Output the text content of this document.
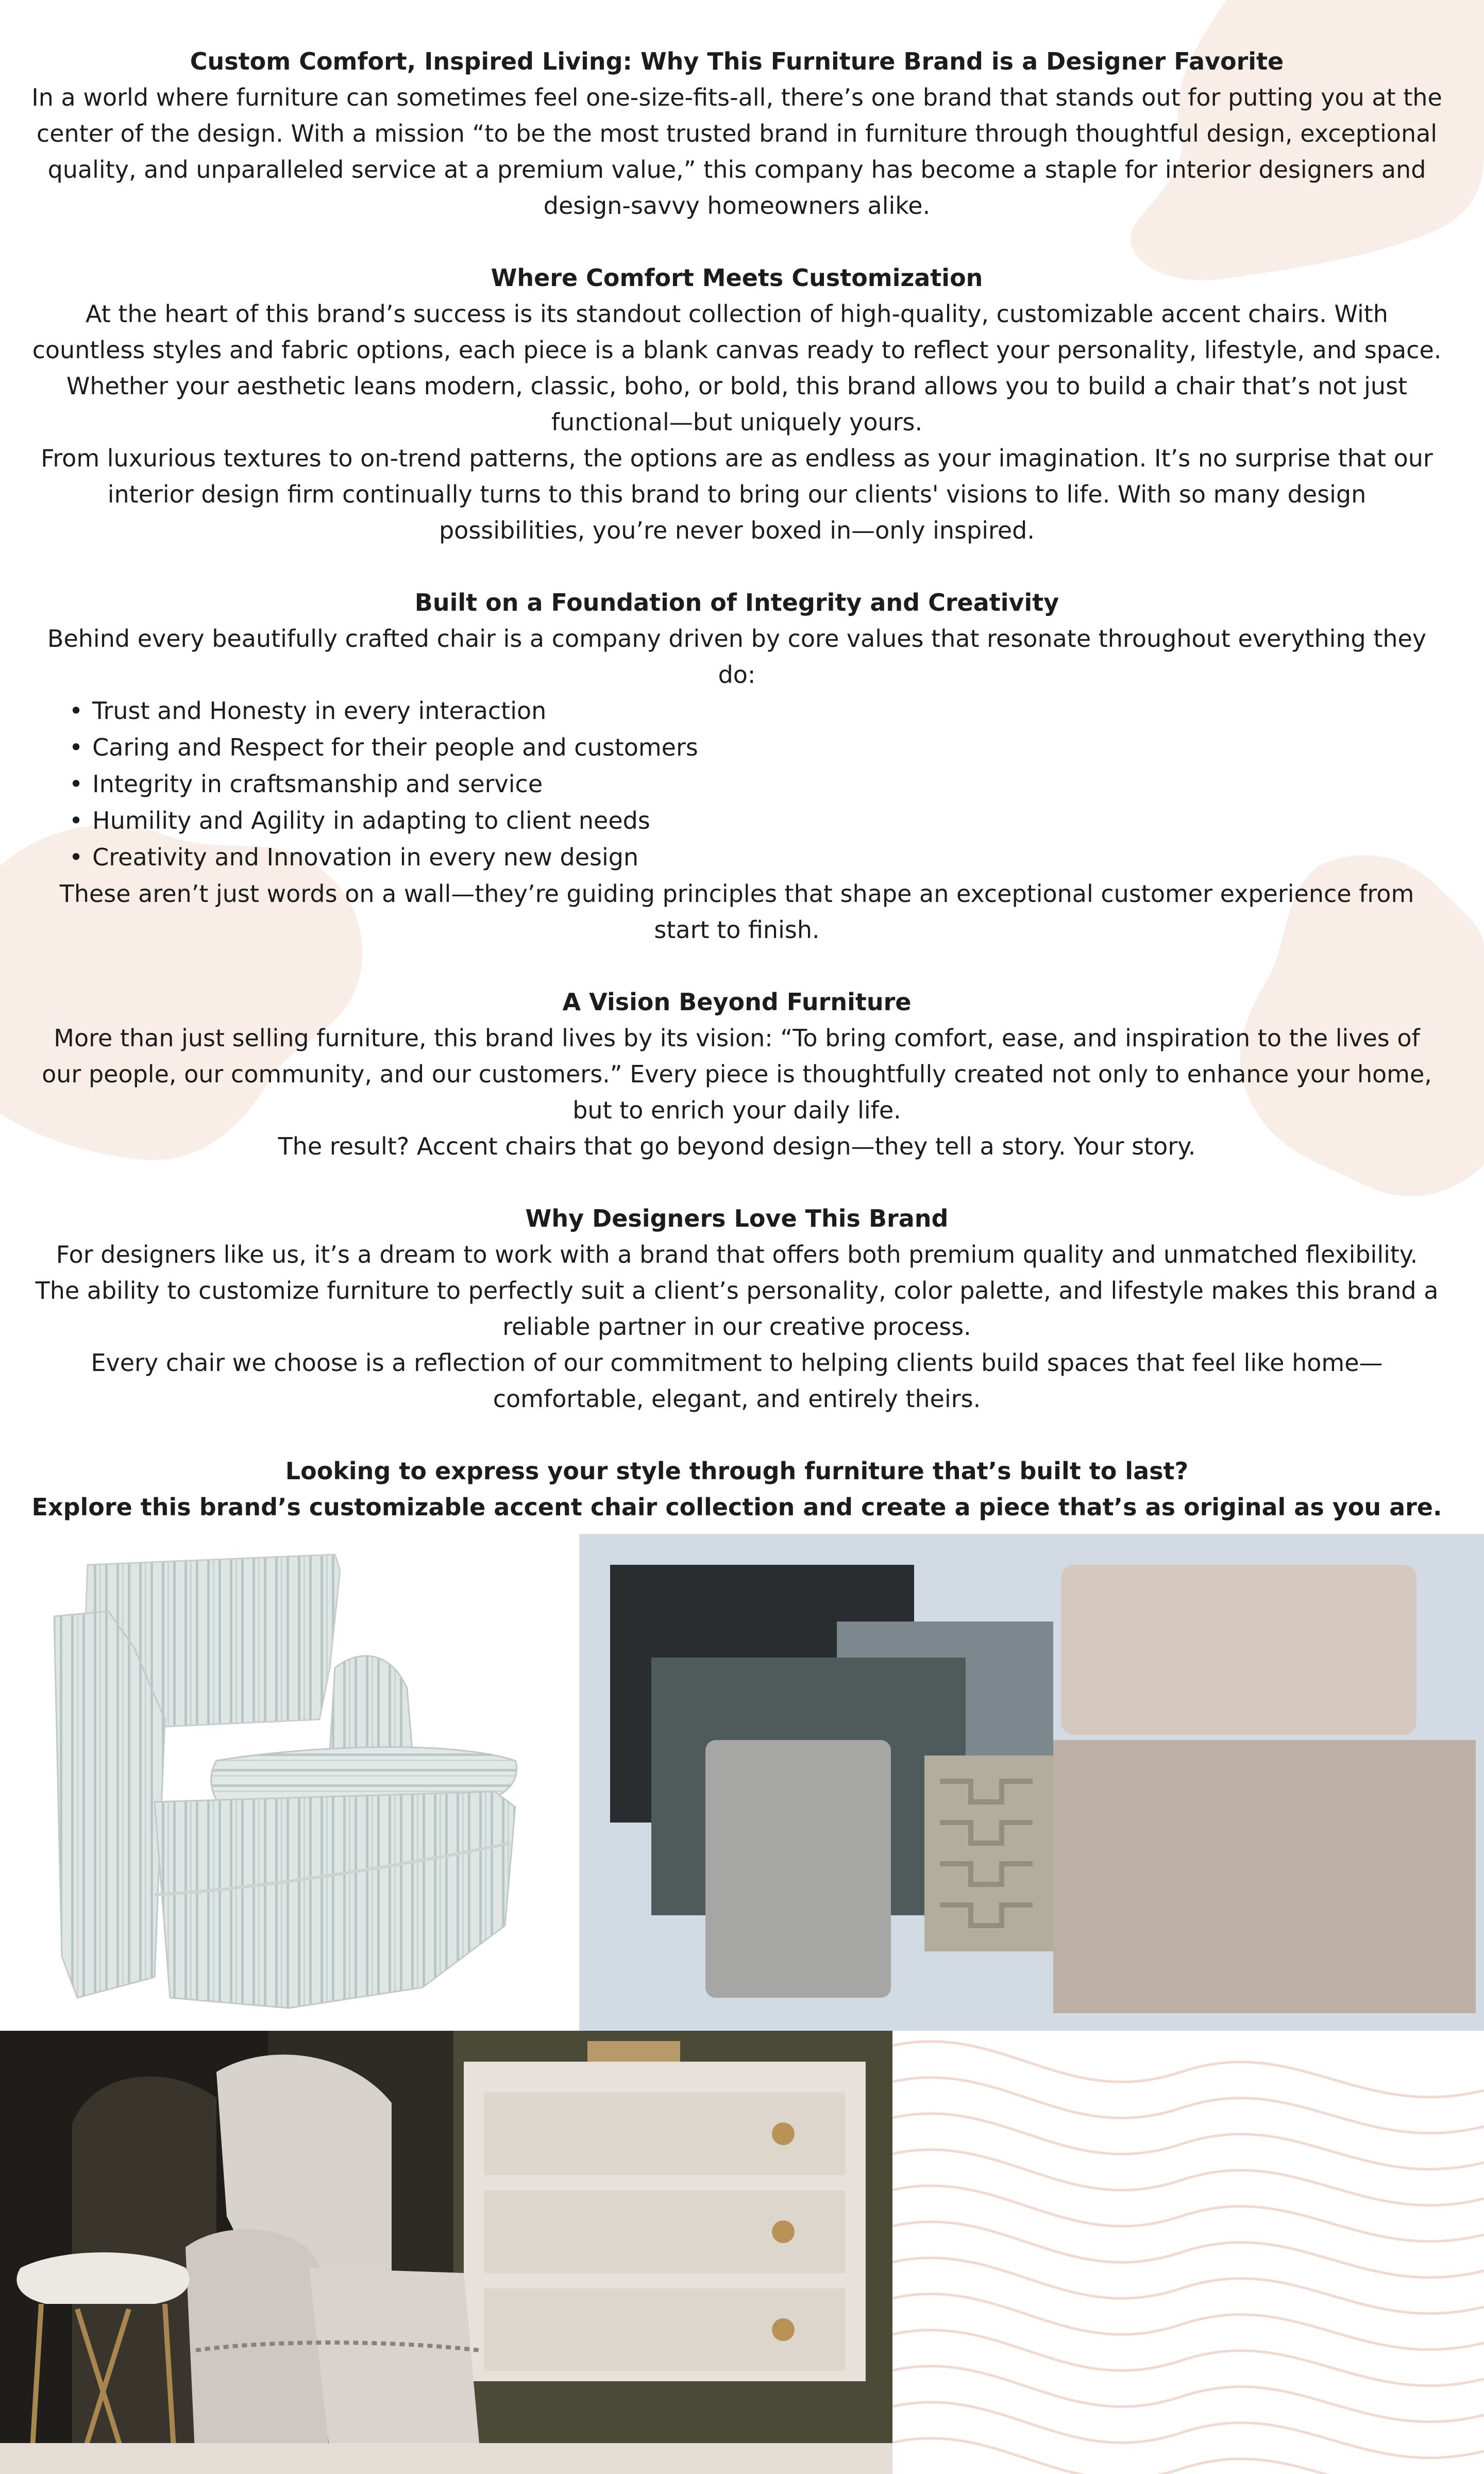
Custom Comfort, Inspired Living: Why This Furniture Brand is a Designer Favorite

In a world where furniture can sometimes feel one-size-fits-all, there’s one brand that stands out for putting you at the center of the design. With a mission “to be the most trusted brand in furniture through thoughtful design, exceptional quality, and unparalleled service at a premium value,” this company has become a staple for interior designers and design-savvy homeowners alike.

Where Comfort Meets Customization

At the heart of this brand’s success is its standout collection of high-quality, customizable accent chairs. With countless styles and fabric options, each piece is a blank canvas ready to reflect your personality, lifestyle, and space. Whether your aesthetic leans modern, classic, boho, or bold, this brand allows you to build a chair that’s not just functional—but uniquely yours.

From luxurious textures to on-trend patterns, the options are as endless as your imagination. It’s no surprise that our interior design firm continually turns to this brand to bring our clients' visions to life. With so many design possibilities, you’re never boxed in—only inspired.

Built on a Foundation of Integrity and Creativity

Behind every beautifully crafted chair is a company driven by core values that resonate throughout everything they do:

• Trust and Honesty in every interaction
• Caring and Respect for their people and customers
• Integrity in craftsmanship and service
• Humility and Agility in adapting to client needs
• Creativity and Innovation in every new design

These aren’t just words on a wall—they’re guiding principles that shape an exceptional customer experience from start to finish.

A Vision Beyond Furniture

More than just selling furniture, this brand lives by its vision: “To bring comfort, ease, and inspiration to the lives of our people, our community, and our customers.” Every piece is thoughtfully created not only to enhance your home, but to enrich your daily life.

The result? Accent chairs that go beyond design—they tell a story. Your story.

Why Designers Love This Brand

For designers like us, it’s a dream to work with a brand that offers both premium quality and unmatched flexibility. The ability to customize furniture to perfectly suit a client’s personality, color palette, and lifestyle makes this brand a reliable partner in our creative process.

Every chair we choose is a reflection of our commitment to helping clients build spaces that feel like home—comfortable, elegant, and entirely theirs.

Looking to express your style through furniture that’s built to last?
Explore this brand’s customizable accent chair collection and create a piece that’s as original as you are.
